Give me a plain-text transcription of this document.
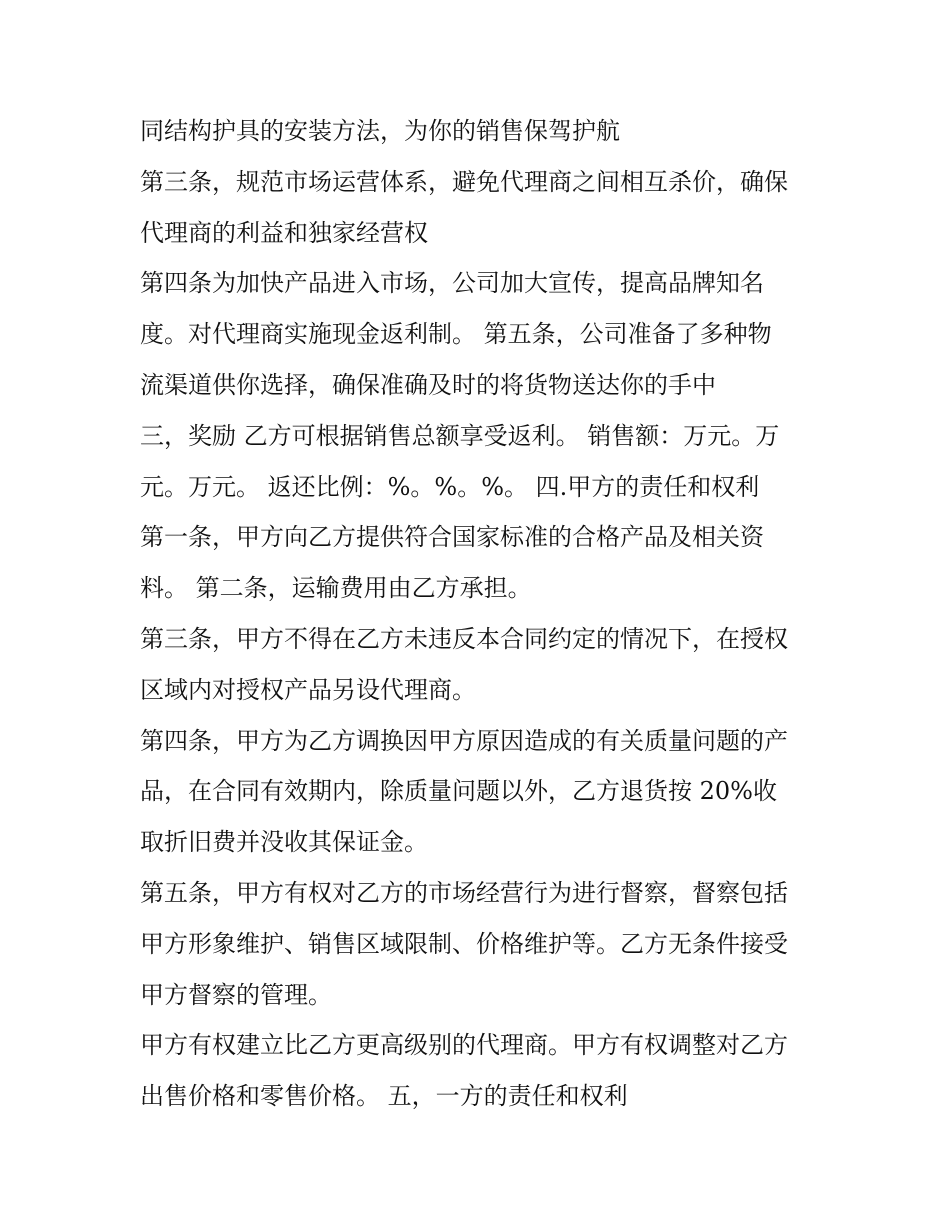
同结构护具的安装方法，为你的销售保驾护航
第三条，规范市场运营体系，避免代理商之间相互杀价，确保
代理商的利益和独家经营权
第四条为加快产品进入市场，公司加大宣传，提高品牌知名
度。对代理商实施现金返利制。 第五条，公司准备了多种物
流渠道供你选择，确保准确及时的将货物送达你的手中
三，奖励 乙方可根据销售总额享受返利。 销售额：万元。万
元。万元。 返还比例：%。%。%。 四.甲方的责任和权利
第一条，甲方向乙方提供符合国家标准的合格产品及相关资
料。 第二条，运输费用由乙方承担。
第三条，甲方不得在乙方未违反本合同约定的情况下，在授权
区域内对授权产品另设代理商。
第四条，甲方为乙方调换因甲方原因造成的有关质量问题的产
品，在合同有效期内，除质量问题以外，乙方退货按 20%收
取折旧费并没收其保证金。
第五条，甲方有权对乙方的市场经营行为进行督察，督察包括
甲方形象维护、销售区域限制、价格维护等。乙方无条件接受
甲方督察的管理。
甲方有权建立比乙方更高级别的代理商。甲方有权调整对乙方
出售价格和零售价格。 五，一方的责任和权利
